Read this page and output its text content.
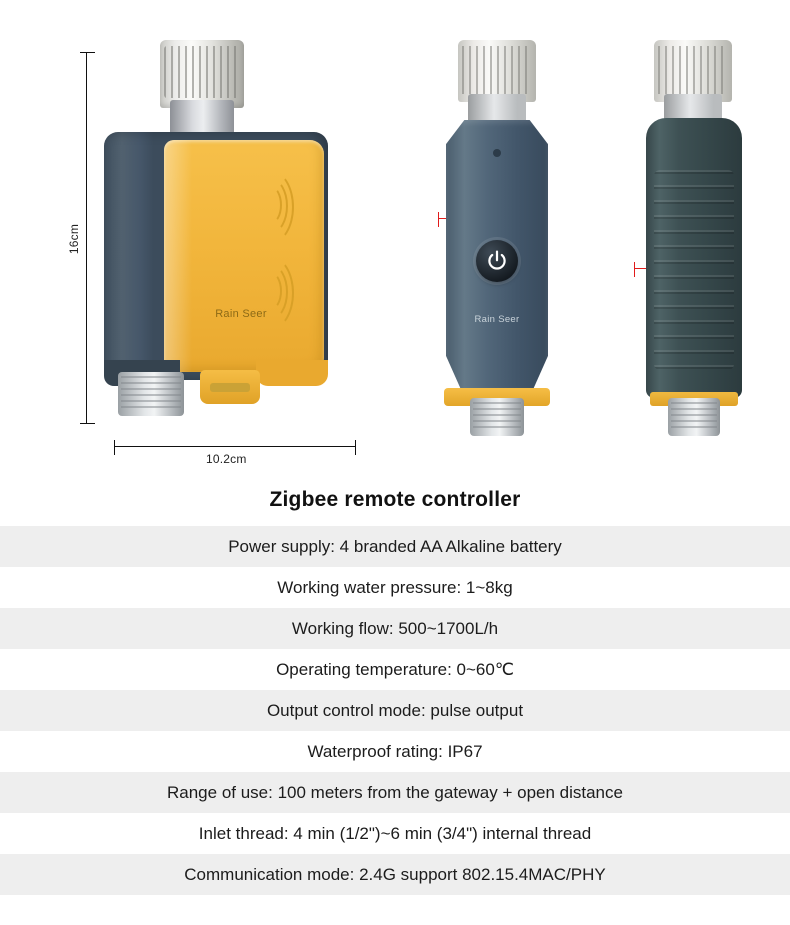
16cm
10.2cm
Rain Seer	Rain Seer
Zigbee remote controller
Power supply: 4 branded AA Alkaline battery
Working water pressure: 1~8kg
Working flow: 500~1700L/h
Operating temperature: 0~60℃
Output control mode: pulse output
Waterproof rating: IP67
Range of use: 100 meters from the gateway + open distance
Inlet thread: 4 min (1/2")~6 min (3/4") internal thread
Communication mode: 2.4G support 802.15.4MAC/PHY
